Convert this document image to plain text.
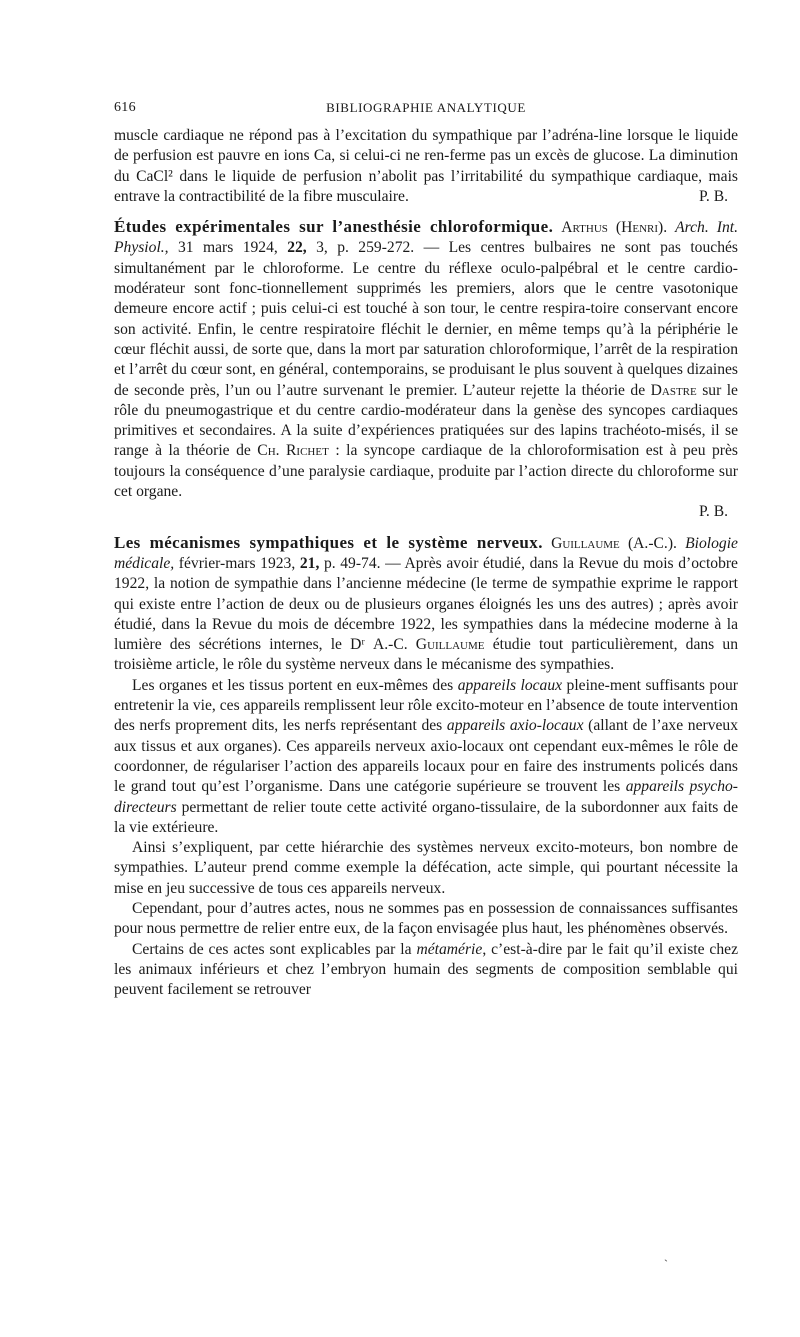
616	BIBLIOGRAPHIE ANALYTIQUE

muscle cardiaque ne répond pas à l’excitation du sympathique par l’adréna-line lorsque le liquide de perfusion est pauvre en ions Ca, si celui-ci ne ren-ferme pas un excès de glucose. La diminution du CaCl² dans le liquide de perfusion n’abolit pas l’irritabilité du sympathique cardiaque, mais entrave la contractibilité de la fibre musculaire.	P. B.

Études expérimentales sur l’anesthésie chloroformique. Arthus (Henri). Arch. Int. Physiol., 31 mars 1924, 22, 3, p. 259-272. — Les centres bulbaires ne sont pas touchés simultanément par le chloroforme. Le centre du réflexe oculo-palpébral et le centre cardio-modérateur sont fonc-tionnellement supprimés les premiers, alors que le centre vasotonique demeure encore actif ; puis celui-ci est touché à son tour, le centre respira-toire conservant encore son activité. Enfin, le centre respiratoire fléchit le dernier, en même temps qu’à la périphérie le cœur fléchit aussi, de sorte que, dans la mort par saturation chloroformique, l’arrêt de la respiration et l’arrêt du cœur sont, en général, contemporains, se produisant le plus souvent à quelques dizaines de seconde près, l’un ou l’autre survenant le premier. L’auteur rejette la théorie de Dastre sur le rôle du pneumogastrique et du centre cardio-modérateur dans la genèse des syncopes cardiaques primitives et secondaires. A la suite d’expériences pratiquées sur des lapins trachéoto-misés, il se range à la théorie de Ch. Richet : la syncope cardiaque de la chloroformisation est à peu près toujours la conséquence d’une paralysie cardiaque, produite par l’action directe du chloroforme sur cet organe.

P. B.

Les mécanismes sympathiques et le système nerveux. Guillaume (A.-C.). Biologie médicale, février-mars 1923, 21, p. 49-74. — Après avoir étudié, dans la Revue du mois d’octobre 1922, la notion de sympathie dans l’ancienne médecine (le terme de sympathie exprime le rapport qui existe entre l’action de deux ou de plusieurs organes éloignés les uns des autres) ; après avoir étudié, dans la Revue du mois de décembre 1922, les sympathies dans la médecine moderne à la lumière des sécrétions internes, le Dʳ A.-C. Guillaume étudie tout particulièrement, dans un troisième article, le rôle du système nerveux dans le mécanisme des sympathies.

Les organes et les tissus portent en eux-mêmes des appareils locaux pleine-ment suffisants pour entretenir la vie, ces appareils remplissent leur rôle excito-moteur en l’absence de toute intervention des nerfs proprement dits, les nerfs représentant des appareils axio-locaux (allant de l’axe nerveux aux tissus et aux organes). Ces appareils nerveux axio-locaux ont cependant eux-mêmes le rôle de coordonner, de régulariser l’action des appareils locaux pour en faire des instruments policés dans le grand tout qu’est l’organisme. Dans une catégorie supérieure se trouvent les appareils psycho-directeurs permettant de relier toute cette activité organo-tissulaire, de la subordonner aux faits de la vie extérieure.

Ainsi s’expliquent, par cette hiérarchie des systèmes nerveux excito-moteurs, bon nombre de sympathies. L’auteur prend comme exemple la défécation, acte simple, qui pourtant nécessite la mise en jeu successive de tous ces appareils nerveux.

Cependant, pour d’autres actes, nous ne sommes pas en possession de connaissances suffisantes pour nous permettre de relier entre eux, de la façon envisagée plus haut, les phénomènes observés.

Certains de ces actes sont explicables par la métamérie, c’est-à-dire par le fait qu’il existe chez les animaux inférieurs et chez l’embryon humain des segments de composition semblable qui peuvent facilement se retrouver

ˏ
